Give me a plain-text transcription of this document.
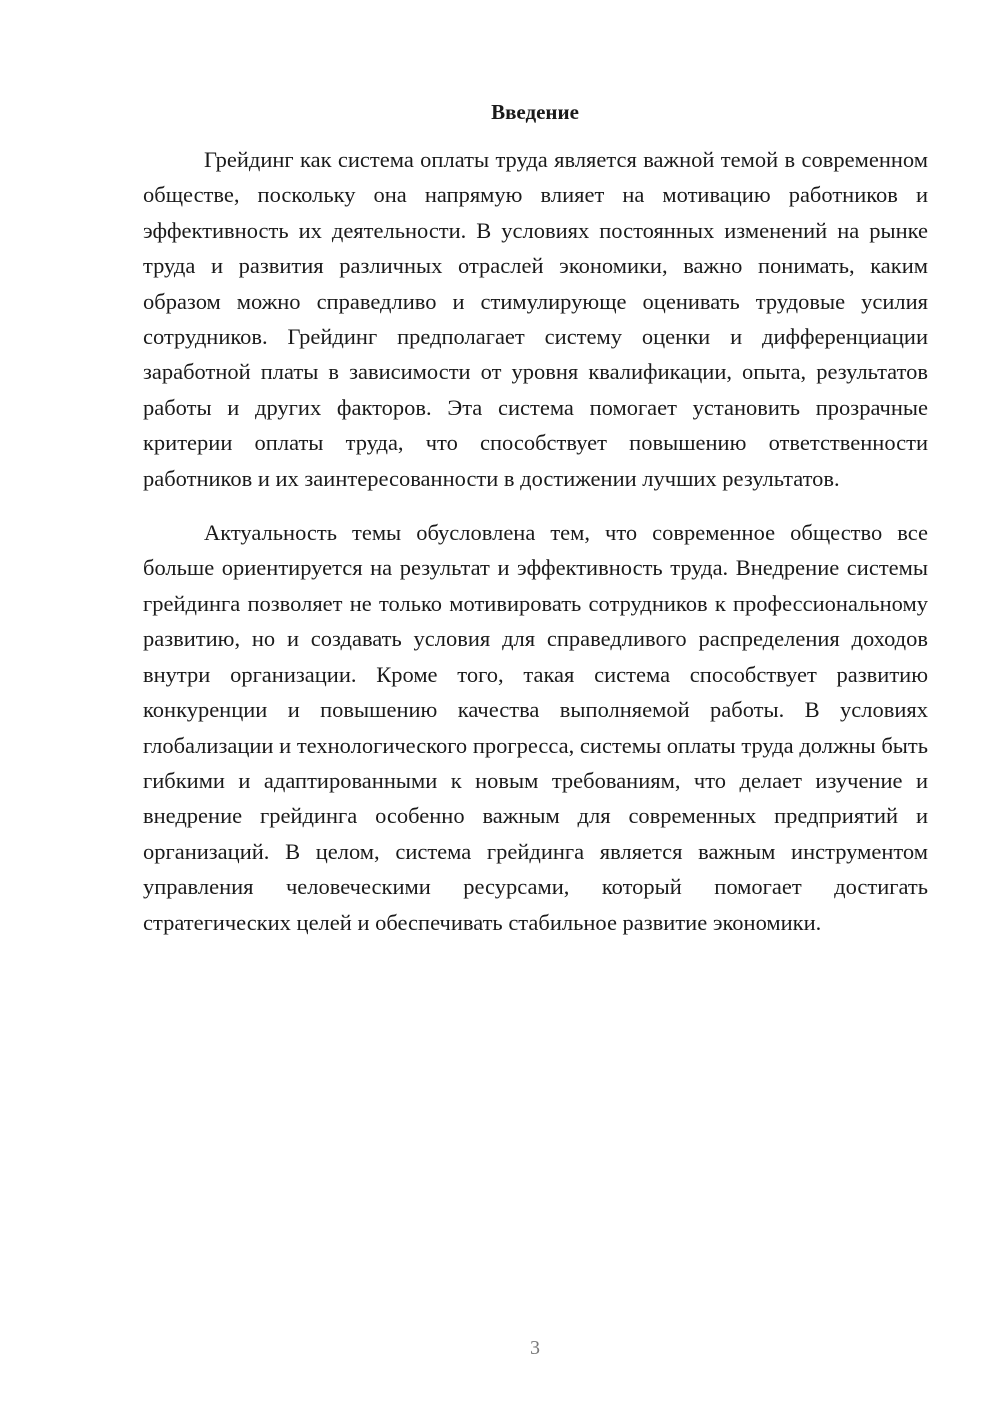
Введение

Грейдинг как система оплаты труда является важной темой в современном обществе, поскольку она напрямую влияет на мотивацию работников и эффективность их деятельности. В условиях постоянных изменений на рынке труда и развития различных отраслей экономики, важно понимать, каким образом можно справедливо и стимулирующе оценивать трудовые усилия сотрудников. Грейдинг предполагает систему оценки и дифференциации заработной платы в зависимости от уровня квалификации, опыта, результатов работы и других факторов. Эта система помогает установить прозрачные критерии оплаты труда, что способствует повышению ответственности работников и их заинтересованности в достижении лучших результатов.

Актуальность темы обусловлена тем, что современное общество все больше ориентируется на результат и эффективность труда. Внедрение системы грейдинга позволяет не только мотивировать сотрудников к профессиональному развитию, но и создавать условия для справедливого распределения доходов внутри организации. Кроме того, такая система способствует развитию конкуренции и повышению качества выполняемой работы. В условиях глобализации и технологического прогресса, системы оплаты труда должны быть гибкими и адаптированными к новым требованиям, что делает изучение и внедрение грейдинга особенно важным для современных предприятий и организаций. В целом, система грейдинга является важным инструментом управления человеческими ресурсами, который помогает достигать стратегических целей и обеспечивать стабильное развитие экономики.

3
